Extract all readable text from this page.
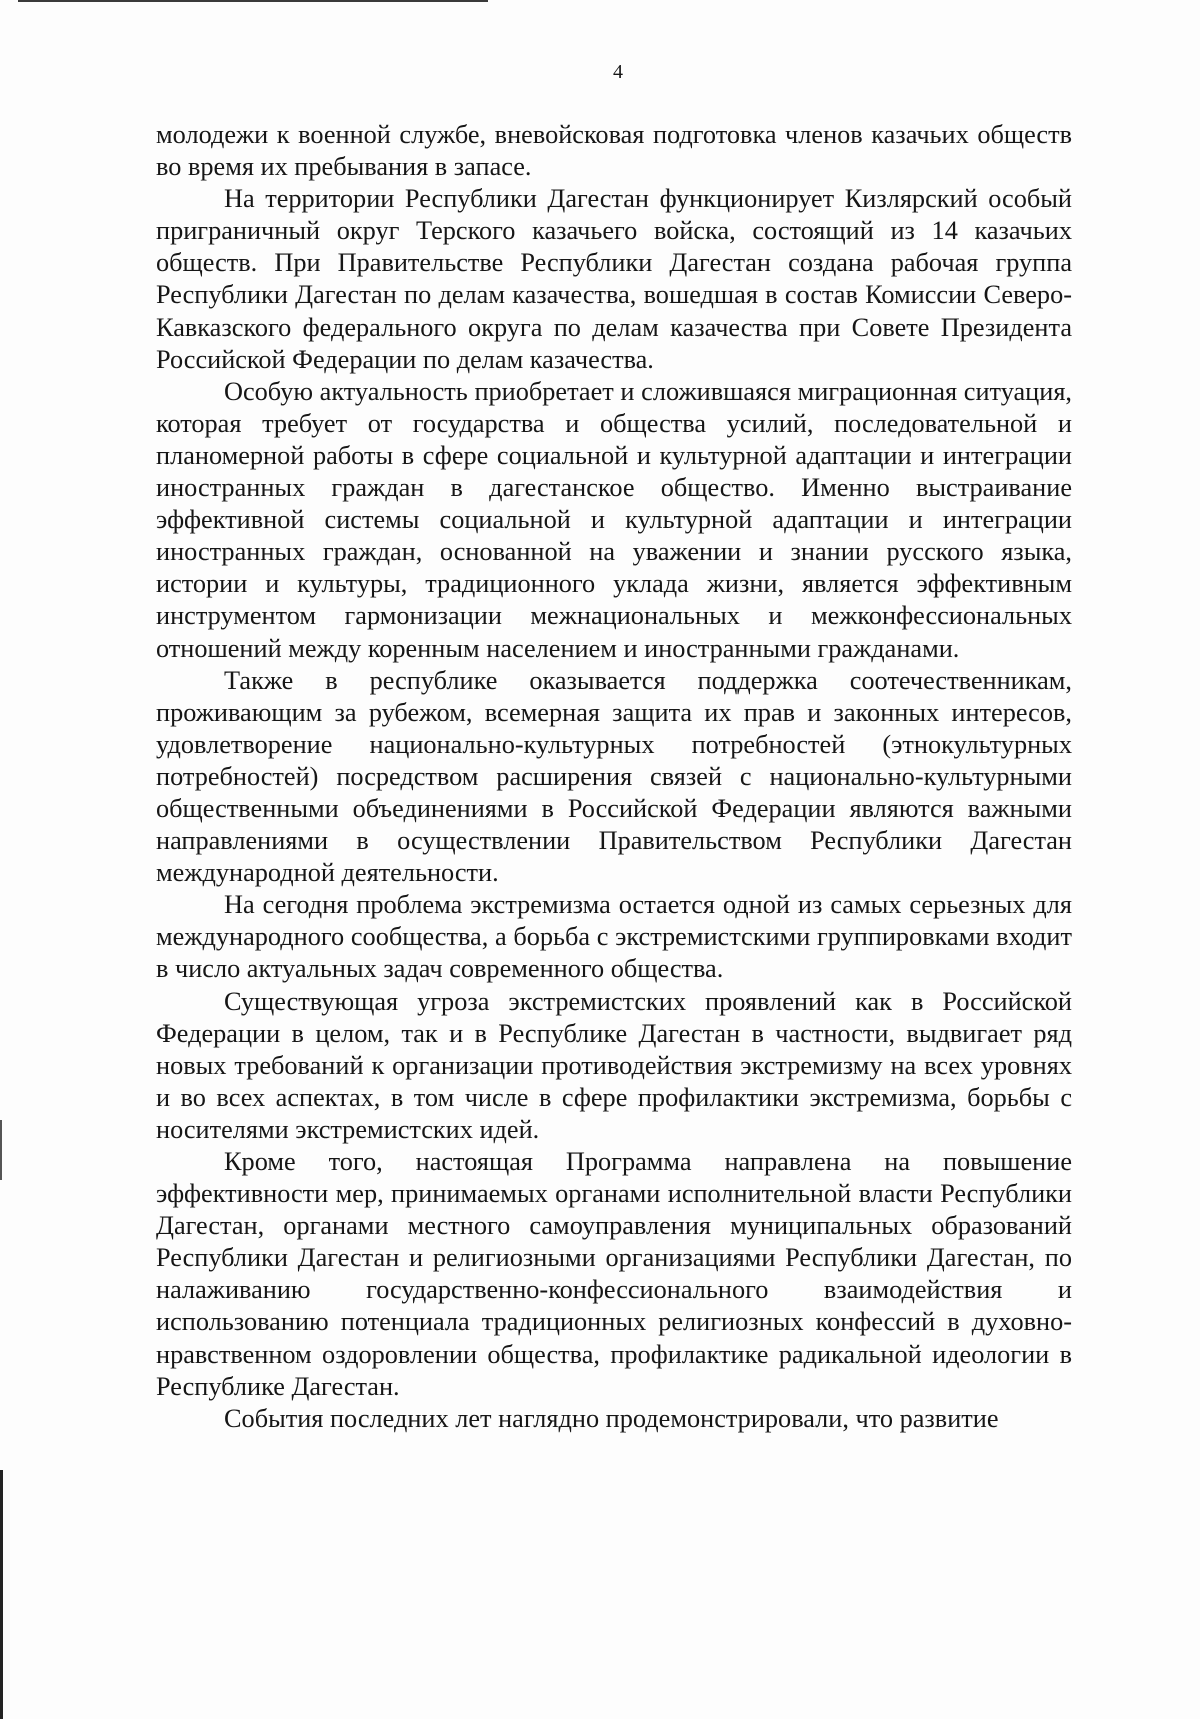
4

молодежи к военной службе, вневойсковая подготовка членов казачьих обществ во время их пребывания в запасе.

На территории Республики Дагестан функционирует Кизлярский особый приграничный округ Терского казачьего войска, состоящий из 14 казачьих обществ. При Правительстве Республики Дагестан создана рабочая группа Республики Дагестан по делам казачества, вошедшая в состав Комиссии Северо-Кавказского федерального округа по делам казачества при Совете Президента Российской Федерации по делам казачества.

Особую актуальность приобретает и сложившаяся миграционная ситуация, которая требует от государства и общества усилий, последовательной и планомерной работы в сфере социальной и культурной адаптации и интеграции иностранных граждан в дагестанское общество. Именно выстраивание эффективной системы социальной и культурной адаптации и интеграции иностранных граждан, основанной на уважении и знании русского языка, истории и культуры, традиционного уклада жизни, является эффективным инструментом гармонизации межнациональных и межконфессиональных отношений между коренным населением и иностранными гражданами.

Также в республике оказывается поддержка соотечественникам, проживающим за рубежом, всемерная защита их прав и законных интересов, удовлетворение национально-культурных потребностей (этнокультурных потребностей) посредством расширения связей с национально-культурными общественными объединениями в Российской Федерации являются важными направлениями в осуществлении Правительством Республики Дагестан международной деятельности.

На сегодня проблема экстремизма остается одной из самых серьезных для международного сообщества, а борьба с экстремистскими группировками входит в число актуальных задач современного общества.

Существующая угроза экстремистских проявлений как в Российской Федерации в целом, так и в Республике Дагестан в частности, выдвигает ряд новых требований к организации противодействия экстремизму на всех уровнях и во всех аспектах, в том числе в сфере профилактики экстремизма, борьбы с носителями экстремистских идей.

Кроме того, настоящая Программа направлена на повышение эффективности мер, принимаемых органами исполнительной власти Республики Дагестан, органами местного самоуправления муниципальных образований Республики Дагестан и религиозными организациями Республики Дагестан, по налаживанию государственно-конфессионального взаимодействия и использованию потенциала традиционных религиозных конфессий в духовно-нравственном оздоровлении общества, профилактике радикальной идеологии в Республике Дагестан.

События последних лет наглядно продемонстрировали, что развитие
